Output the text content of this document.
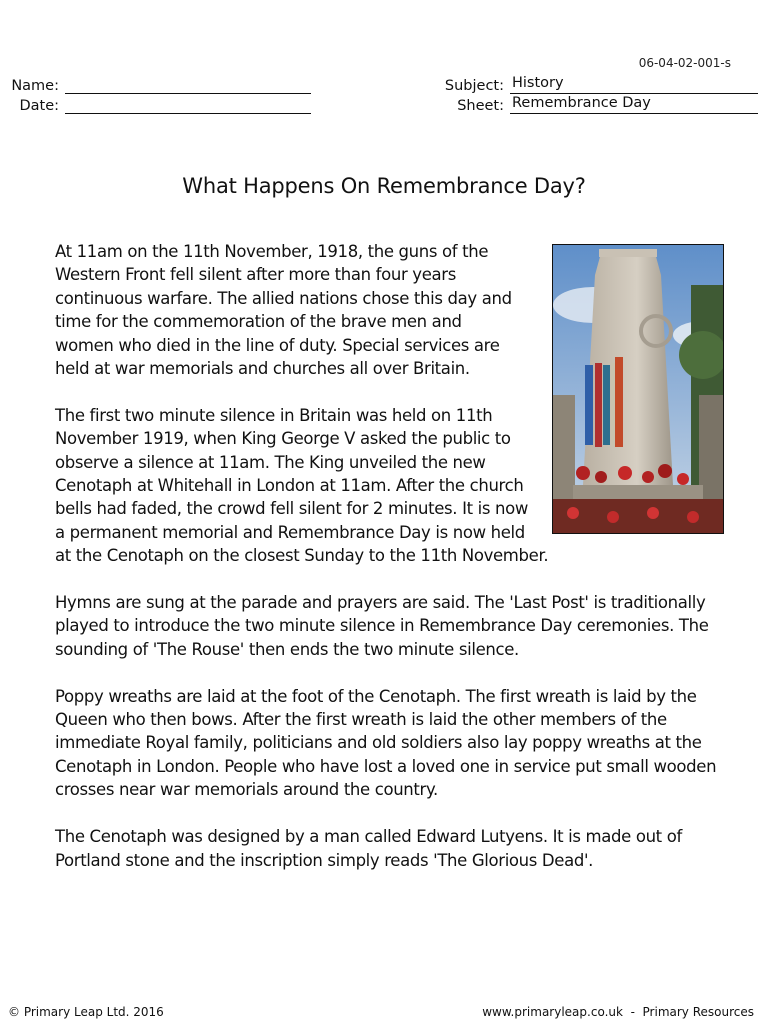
06-04-02-001-s
Name:
Date:
Subject: History
Sheet: Remembrance Day
What Happens On Remembrance Day?

At 11am on the 11th November, 1918, the guns of the Western Front fell silent after more than four years continuous warfare. The allied nations chose this day and time for the commemoration of the brave men and women who died in the line of duty. Special services are held at war memorials and churches all over Britain.

The first two minute silence in Britain was held on 11th November 1919, when King George V asked the public to observe a silence at 11am. The King unveiled the new Cenotaph at Whitehall in London at 11am. After the church bells had faded, the crowd fell silent for 2 minutes. It is now a permanent memorial and Remembrance Day is now held at the Cenotaph on the closest Sunday to the 11th November.

Hymns are sung at the parade and prayers are said. The 'Last Post' is traditionally played to introduce the two minute silence in Remembrance Day ceremonies. The sounding of 'The Rouse' then ends the two minute silence.

Poppy wreaths are laid at the foot of the Cenotaph. The first wreath is laid by the Queen who then bows. After the first wreath is laid the other members of the immediate Royal family, politicians and old soldiers also lay poppy wreaths at the Cenotaph in London. People who have lost a loved one in service put small wooden crosses near war memorials around the country.

The Cenotaph was designed by a man called Edward Lutyens. It is made out of Portland stone and the inscription simply reads 'The Glorious Dead'.

© Primary Leap Ltd. 2016	www.primaryleap.co.uk  -  Primary Resources
